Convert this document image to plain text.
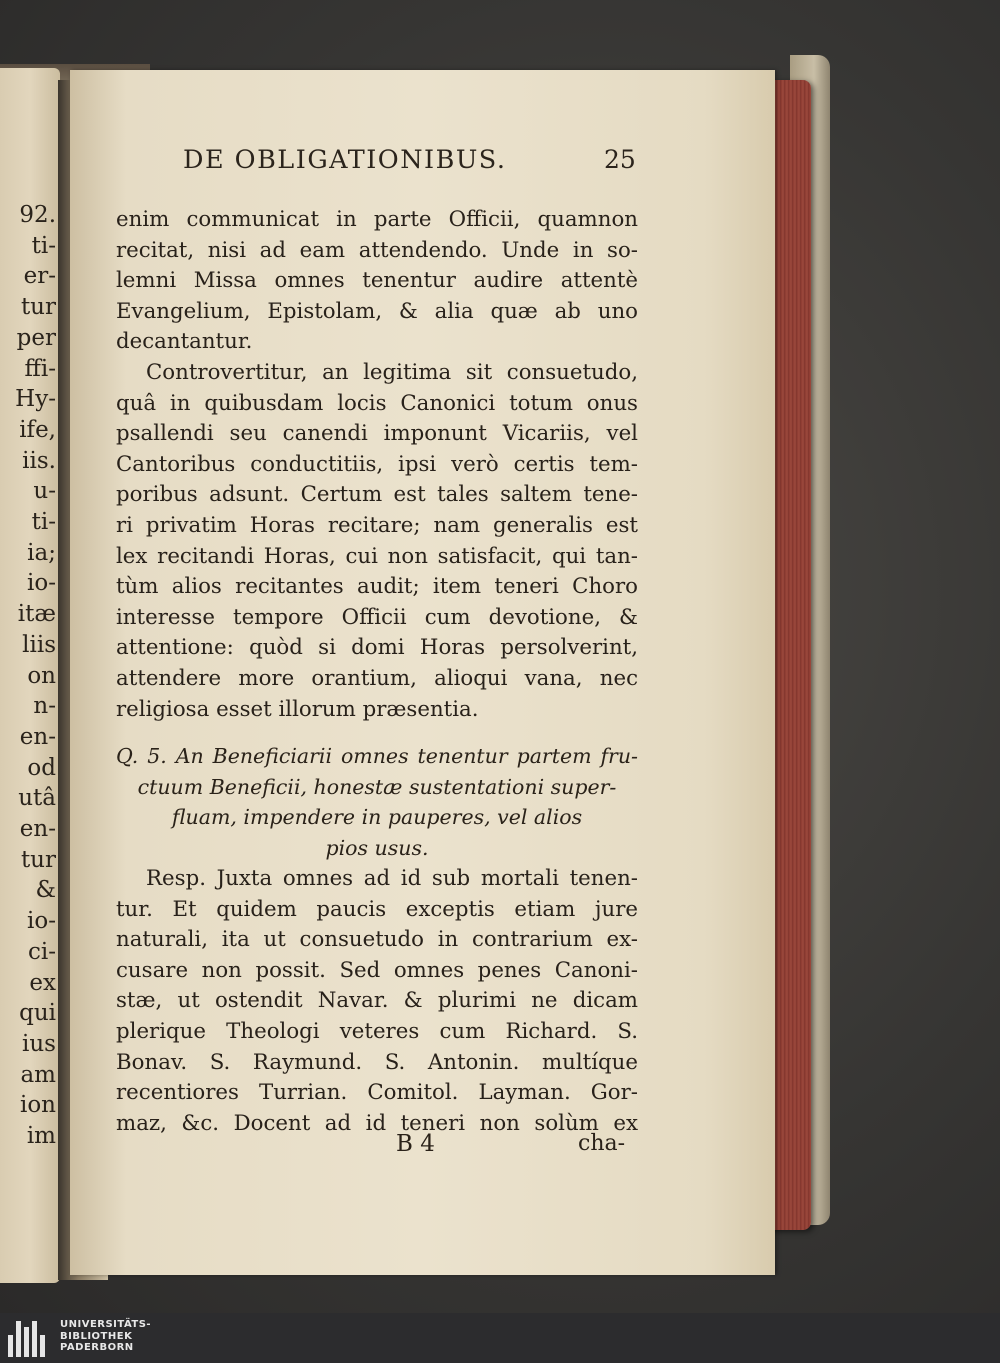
92.
ti-
er-
tur
per
ffi-
Hy-
ife,
iis.
u-
ti-
ia;
io-
itæ
liis
on
n-
en-
od
utâ
en-
tur
&
io-
ci-
ex
qui
ius
am
ion
im
DE OBLIGATIONIBUS.	25
enim communicat in parte Officii, quamnon
recitat, nisi ad eam attendendo. Unde in so-
lemni Missa omnes tenentur audire attentè
Evangelium, Epistolam, & alia quæ ab uno
decantantur.
Controvertitur, an legitima sit consuetudo,
quâ in quibusdam locis Canonici totum onus
psallendi seu canendi imponunt Vicariis, vel
Cantoribus conductitiis, ipsi verò certis tem-
poribus adsunt. Certum est tales saltem tene-
ri privatim Horas recitare; nam generalis est
lex recitandi Horas, cui non satisfacit, qui tan-
tùm alios recitantes audit; item teneri Choro
interesse tempore Officii cum devotione, &
attentione: quòd si domi Horas persolverint,
attendere more orantium, alioqui vana, nec
religiosa esset illorum præsentia.
Q. 5. An Beneficiarii omnes tenentur partem fru-
ctuum Beneficii, honestæ sustentationi super-
fluam, impendere in pauperes, vel alios
pios usus.
Resp. Juxta omnes ad id sub mortali tenen-
tur. Et quidem paucis exceptis etiam jure
naturali, ita ut consuetudo in contrarium ex-
cusare non possit. Sed omnes penes Canoni-
stæ, ut ostendit Navar. & plurimi ne dicam
plerique Theologi veteres cum Richard. S.
Bonav. S. Raymund. S. Antonin. multíque
recentiores Turrian. Comitol. Layman. Gor-
maz, &c. Docent ad id teneri non solùm ex
B 4	cha-
UNIVERSITÄTS-
BIBLIOTHEK
PADERBORN
